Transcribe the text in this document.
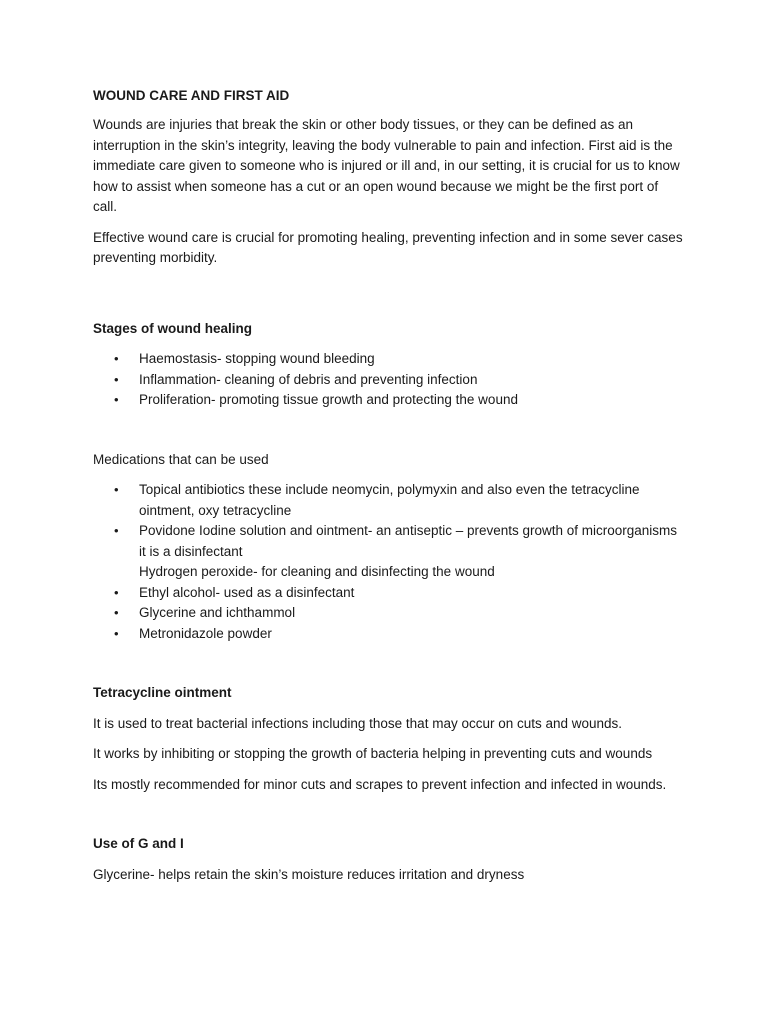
WOUND CARE AND FIRST AID

Wounds are injuries that break the skin or other body tissues, or they can be defined as an interruption in the skin’s integrity, leaving the body vulnerable to pain and infection. First aid is the immediate care given to someone who is injured or ill and, in our setting, it is crucial for us to know how to assist when someone has a cut or an open wound because we might be the first port of call.

Effective wound care is crucial for promoting healing, preventing infection and in some sever cases preventing morbidity.

Stages of wound healing
• Haemostasis- stopping wound bleeding
• Inflammation- cleaning of debris and preventing infection
• Proliferation- promoting tissue growth and protecting the wound

Medications that can be used

• Topical antibiotics these include neomycin, polymyxin and also even the tetracycline ointment, oxy tetracycline
• Povidone Iodine solution and ointment- an antiseptic – prevents growth of microorganisms it is a disinfectant
Hydrogen peroxide- for cleaning and disinfecting the wound
• Ethyl alcohol- used as a disinfectant
• Glycerine and ichthammol
• Metronidazole powder
Tetracycline ointment

It is used to treat bacterial infections including those that may occur on cuts and wounds.

It works by inhibiting or stopping the growth of bacteria helping in preventing cuts and wounds

Its mostly recommended for minor cuts and scrapes to prevent infection and infected in wounds.

Use of G and I

Glycerine- helps retain the skin’s moisture reduces irritation and dryness
